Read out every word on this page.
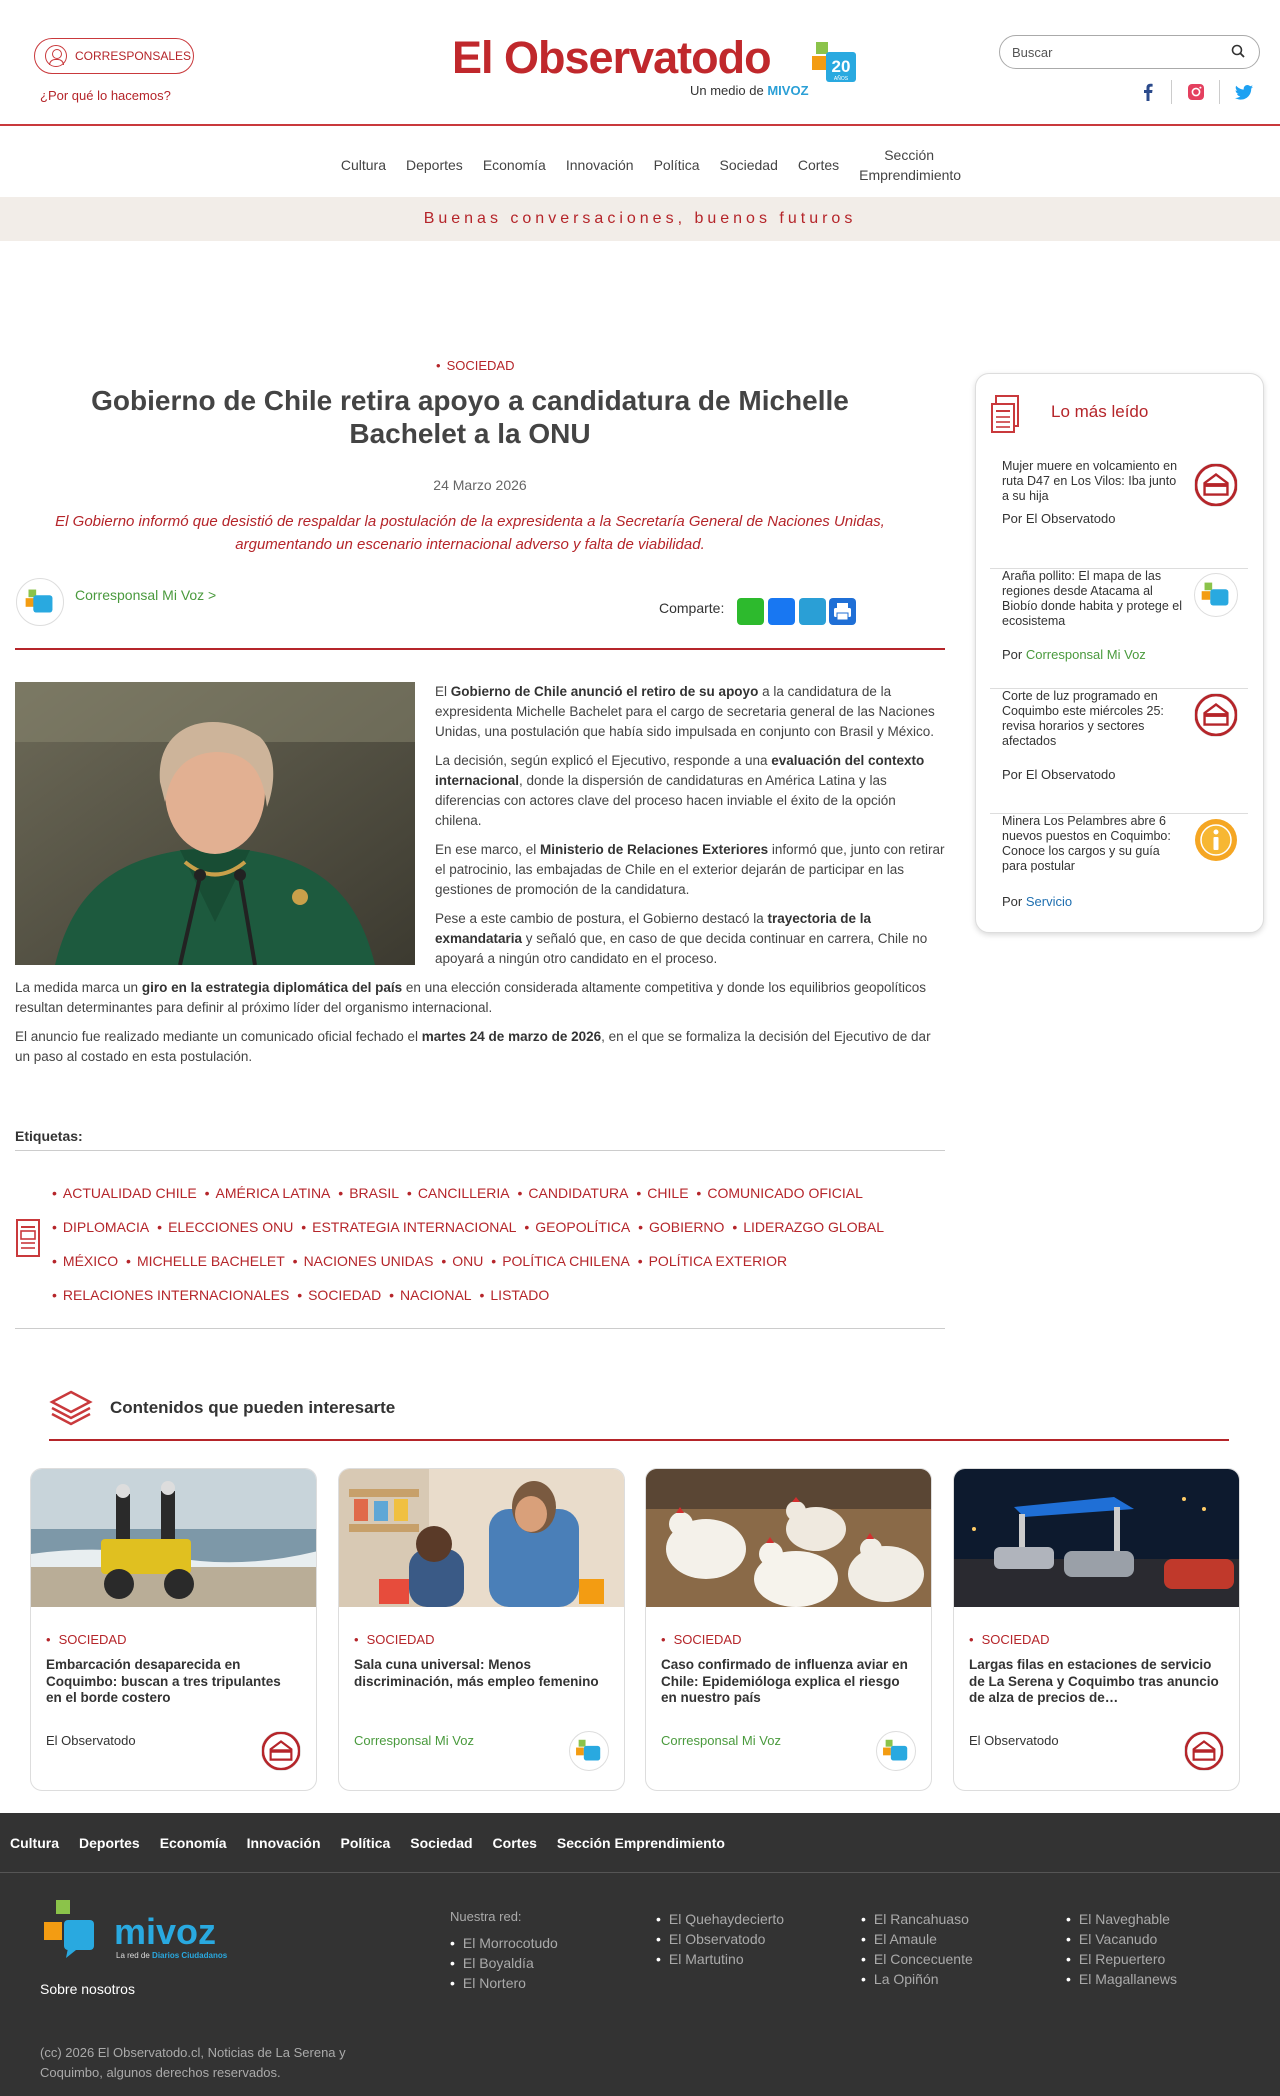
CORRESPONSALES
¿Por qué lo hacemos?
El Observatodo	20
AÑOS
Un medio de MIVOZ
Buscar
Cultura	Deportes	Economía	Innovación	Política	Sociedad	Cortes
Sección Emprendimiento
Buenas conversaciones, buenos futuros
• SOCIEDAD
Gobierno de Chile retira apoyo a candidatura de Michelle Bachelet a la ONU
24 Marzo 2026
El Gobierno informó que desistió de respaldar la postulación de la expresidenta a la Secretaría General de Naciones Unidas, argumentando un escenario internacional adverso y falta de viabilidad.
Corresponsal Mi Voz >
Comparte:

El Gobierno de Chile anunció el retiro de su apoyo a la candidatura de la expresidenta Michelle Bachelet para el cargo de secretaria general de las Naciones Unidas, una postulación que había sido impulsada en conjunto con Brasil y México.

La decisión, según explicó el Ejecutivo, responde a una evaluación del contexto internacional, donde la dispersión de candidaturas en América Latina y las diferencias con actores clave del proceso hacen inviable el éxito de la opción chilena.

En ese marco, el Ministerio de Relaciones Exteriores informó que, junto con retirar el patrocinio, las embajadas de Chile en el exterior dejarán de participar en las gestiones de promoción de la candidatura.

Pese a este cambio de postura, el Gobierno destacó la trayectoria de la exmandataria y señaló que, en caso de que decida continuar en carrera, Chile no apoyará a ningún otro candidato en el proceso.

La medida marca un giro en la estrategia diplomática del país en una elección considerada altamente competitiva y donde los equilibrios geopolíticos resultan determinantes para definir al próximo líder del organismo internacional.

El anuncio fue realizado mediante un comunicado oficial fechado el martes 24 de marzo de 2026, en el que se formaliza la decisión del Ejecutivo de dar un paso al costado en esta postulación.

Etiquetas:
• ACTUALIDAD CHILE • AMÉRICA LATINA • BRASIL • CANCILLERIA • CANDIDATURA • CHILE • COMUNICADO OFICIAL • DIPLOMACIA • ELECCIONES ONU • ESTRATEGIA INTERNACIONAL • GEOPOLÍTICA • GOBIERNO • LIDERAZGO GLOBAL • MÉXICO • MICHELLE BACHELET • NACIONES UNIDAS • ONU • POLÍTICA CHILENA • POLÍTICA EXTERIOR • RELACIONES INTERNACIONALES • SOCIEDAD • NACIONAL • LISTADO
Lo más leído
Mujer muere en volcamiento en ruta D47 en Los Vilos: Iba junto a su hija
Por El Observatodo
Araña pollito: El mapa de las regiones desde Atacama al Biobío donde habita y protege el ecosistema
Por Corresponsal Mi Voz
Corte de luz programado en Coquimbo este miércoles 25: revisa horarios y sectores afectados
Por El Observatodo
Minera Los Pelambres abre 6 nuevos puestos en Coquimbo: Conoce los cargos y su guía para postular
Por Servicio
Contenidos que pueden interesarte
• SOCIEDAD
Embarcación desaparecida en Coquimbo: buscan a tres tripulantes en el borde costero
El Observatodo
• SOCIEDAD
Sala cuna universal: Menos discriminación, más empleo femenino
Corresponsal Mi Voz
• SOCIEDAD
Caso confirmado de influenza aviar en Chile: Epidemióloga explica el riesgo en nuestro país
Corresponsal Mi Voz
• SOCIEDAD
Largas filas en estaciones de servicio de La Serena y Coquimbo tras anuncio de alza de precios de…
El Observatodo
Cultura Deportes Economía Innovación Política Sociedad Cortes Sección Emprendimiento
mivoz
La red de Diarios Ciudadanos
Sobre nosotros
Nuestra red:
• El Morrocotudo
• El Boyaldía
• El Nortero
• El Quehaydecierto
• El Observatodo
• El Martutino
• El Rancahuaso
• El Amaule
• El Concecuente
• La Opiñón
• El Naveghable
• El Vacanudo
• El Repuertero
• El Magallanews
(cc) 2026 El Observatodo.cl, Noticias de La Serena y Coquimbo, algunos derechos reservados.
